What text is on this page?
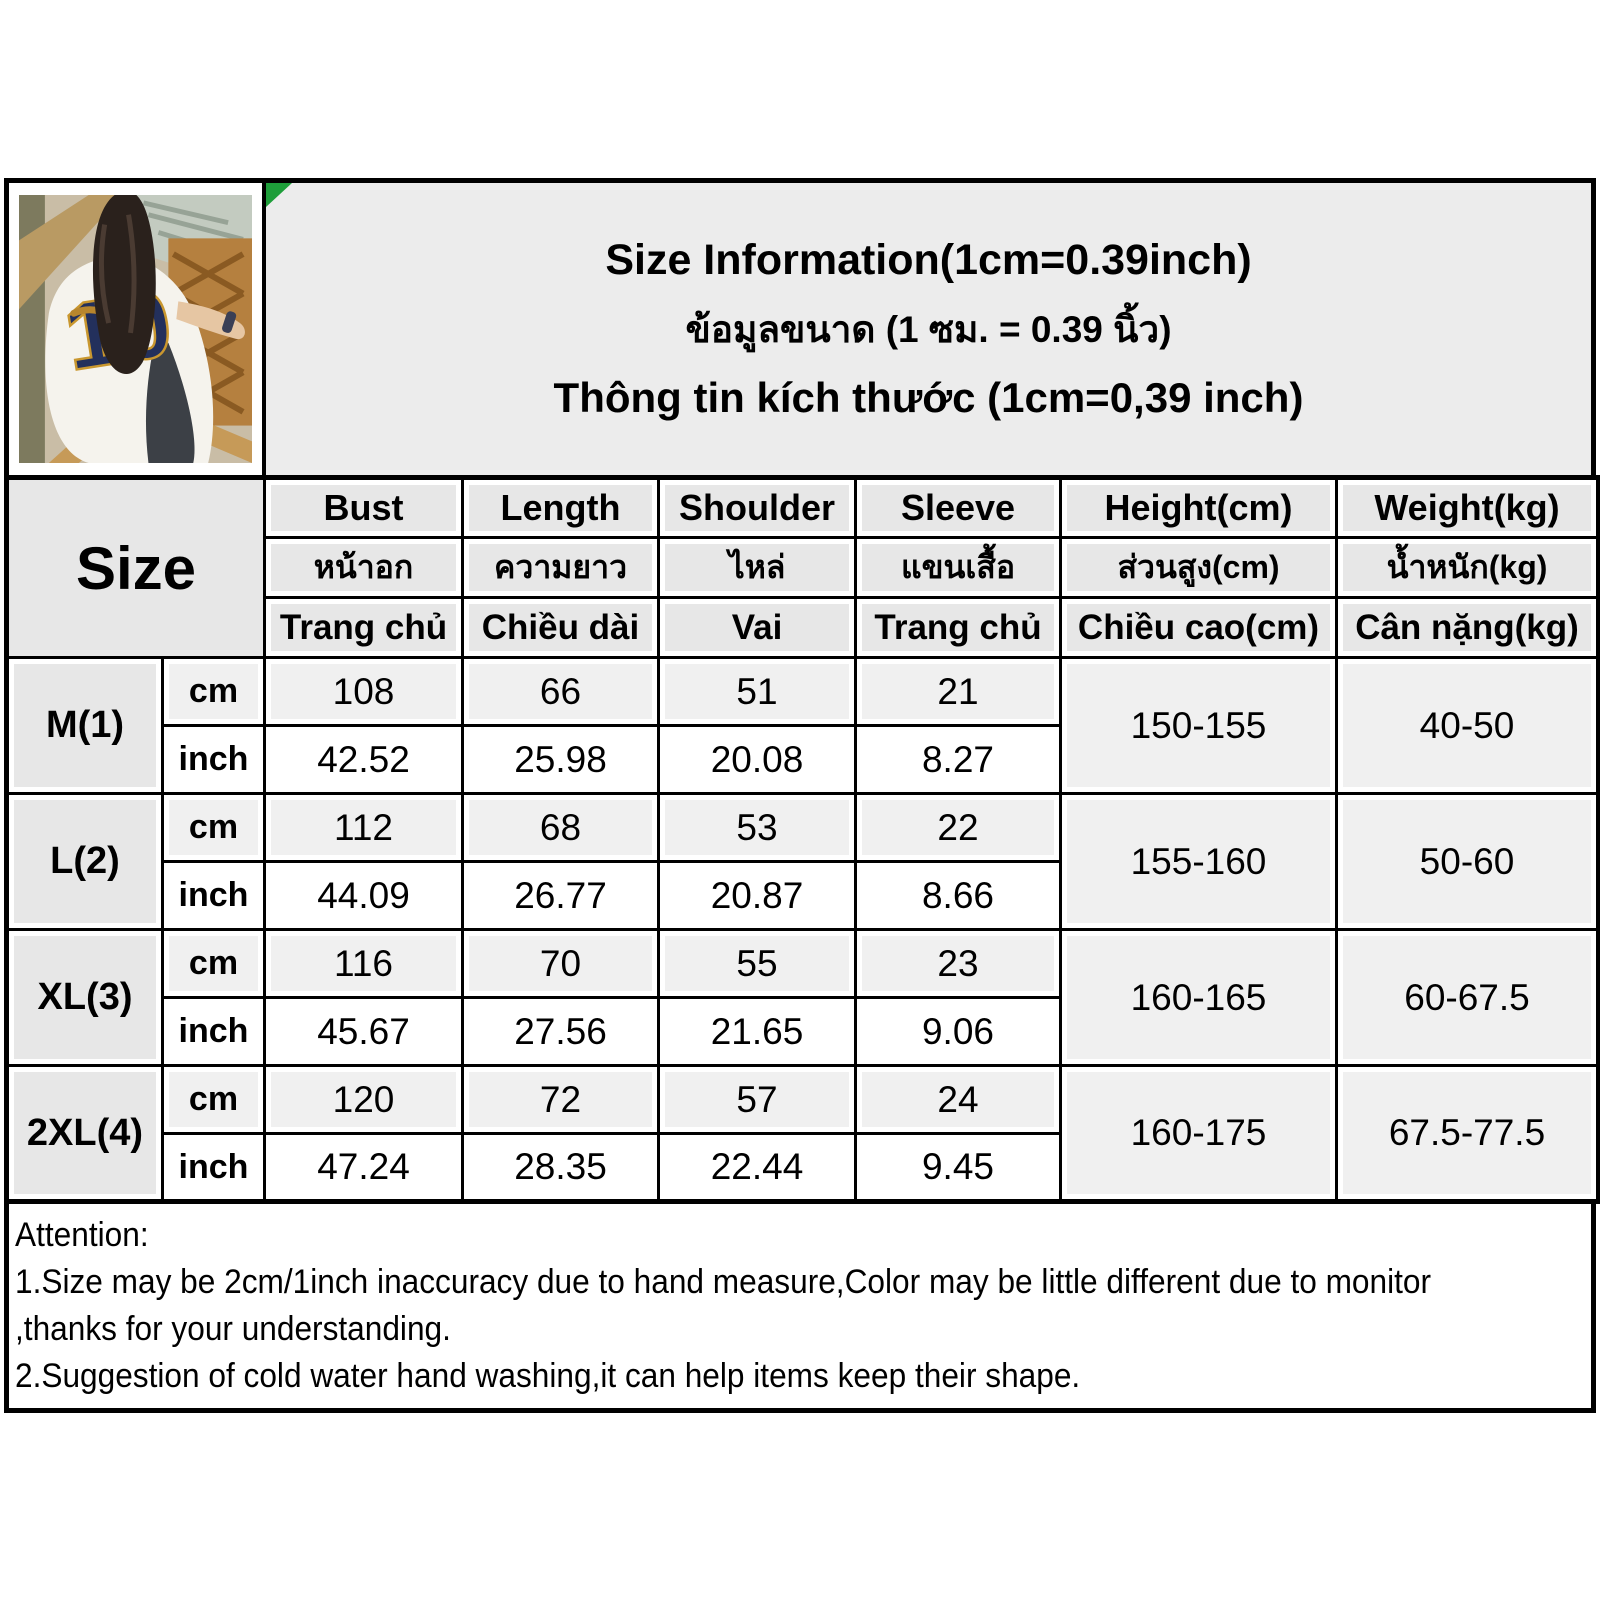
Size Information(1cm=0.39inch)
ข้อมูลขนาด (1 ซม. = 0.39 นิ้ว)
Thông tin kích thước (1cm=0,39 inch)
Size		Bust	Length	Shoulder	Sleeve	Height(cm)	Weight(kg)
		หน้าอก	ความยาว	ไหล่	แขนเสื้อ	ส่วนสูง(cm)	น้ำหนัก(kg)
		Trang chủ	Chiều dài	Vai	Trang chủ	Chiều cao(cm)	Cân nặng(kg)
M(1)	cm	108	66	51	21	150-155	40-50
	inch	42.52	25.98	20.08	8.27		
L(2)	cm	112	68	53	22	155-160	50-60
	inch	44.09	26.77	20.87	8.66		
XL(3)	cm	116	70	55	23	160-165	60-67.5
	inch	45.67	27.56	21.65	9.06		
2XL(4)	cm	120	72	57	24	160-175	67.5-77.5
	inch	47.24	28.35	22.44	9.45		
Attention:
1.Size may be 2cm/1inch inaccuracy due to hand measure,Color may be little different due to monitor
,thanks for your understanding.
2.Suggestion of cold water hand washing,it can help items keep their shape.
